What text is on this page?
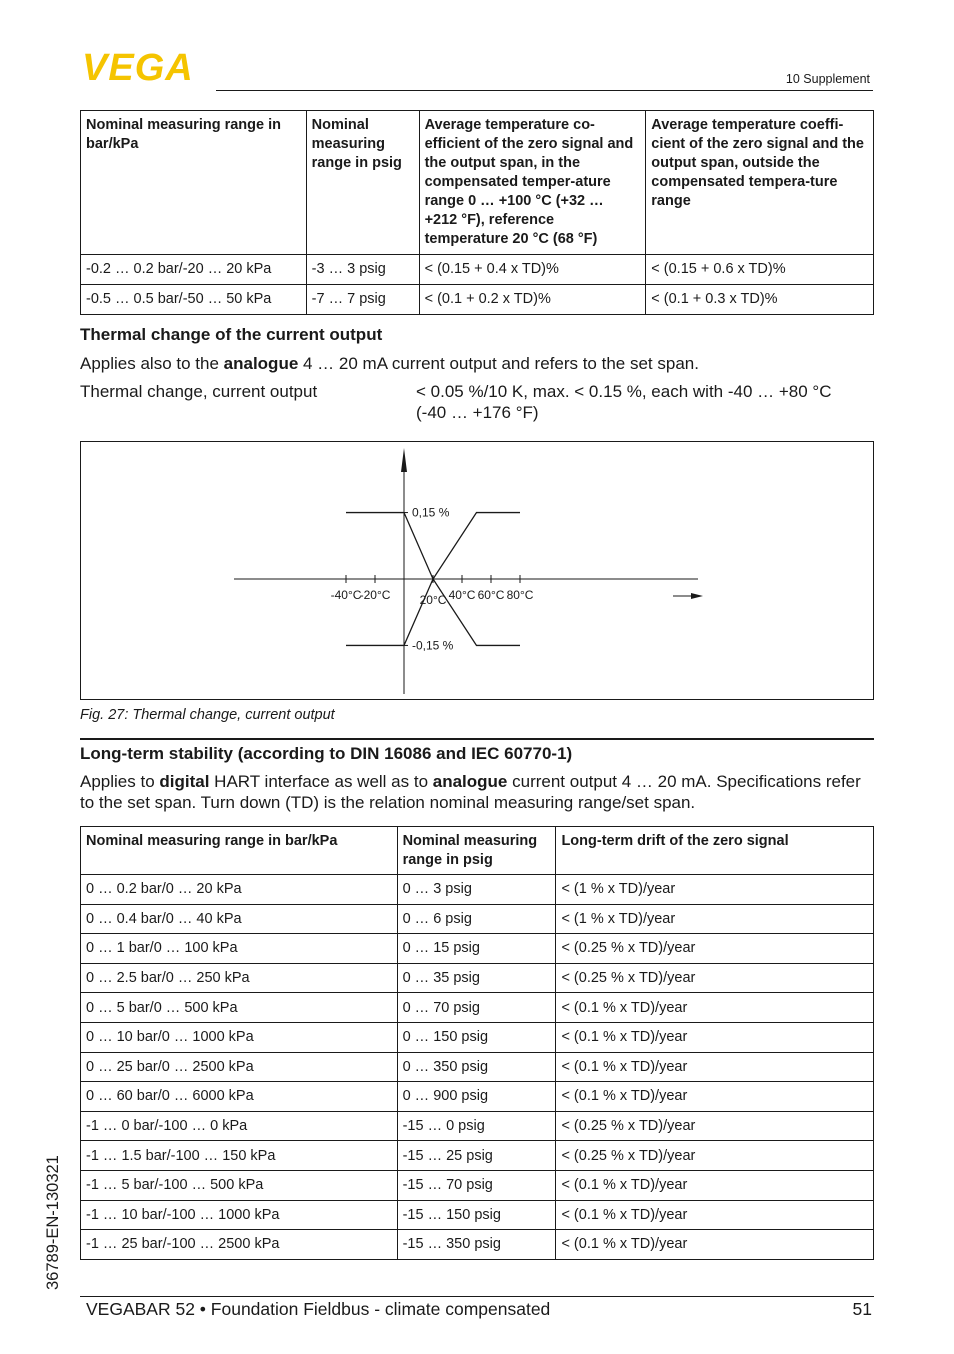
VEGA	10 Supplement
Nominal measuring range in bar/kPa	Nominal measuring range in psig	Average temperature co-efficient of the zero signal and the output span, in the compensated temper-ature range 0 … +100 °C (+32 … +212 °F), reference temperature 20 °C (68 °F)	Average temperature coeffi-cient of the zero signal and the output span, outside the compensated tempera-ture range
-0.2 … 0.2 bar/-20 … 20 kPa	-3 … 3 psig	< (0.15 + 0.4 x TD)%	< (0.15 + 0.6 x TD)%
-0.5 … 0.5 bar/-50 … 50 kPa	-7 … 7 psig	< (0.1 + 0.2 x TD)%	< (0.1 + 0.3 x TD)%
Thermal change of the current output
Applies also to the analogue 4 … 20 mA current output and refers to the set span.
Thermal change, current output	< 0.05 %/10 K, max. < 0.15 %, each with -40 … +80 °C (-40 … +176 °F)
-40°C
-20°C 20°C 40°C 60°C 80°C
0,15 %
-0,15 %
Fig. 27: Thermal change, current output
Long-term stability (according to DIN 16086 and IEC 60770-1)
Applies to digital HART interface as well as to analogue current output 4 … 20 mA. Specifications refer to the set span. Turn down (TD) is the relation nominal measuring range/set span.
Nominal measuring range in bar/kPa	Nominal measuring range in psig	Long-term drift of the zero signal
0 … 0.2 bar/0 … 20 kPa	0 … 3 psig	< (1 % x TD)/year
0 … 0.4 bar/0 … 40 kPa	0 … 6 psig	< (1 % x TD)/year
0 … 1 bar/0 … 100 kPa	0 … 15 psig	< (0.25 % x TD)/year
0 … 2.5 bar/0 … 250 kPa	0 … 35 psig	< (0.25 % x TD)/year
0 … 5 bar/0 … 500 kPa	0 … 70 psig	< (0.1 % x TD)/year
0 … 10 bar/0 … 1000 kPa	0 … 150 psig	< (0.1 % x TD)/year
0 … 25 bar/0 … 2500 kPa	0 … 350 psig	< (0.1 % x TD)/year
0 … 60 bar/0 … 6000 kPa	0 … 900 psig	< (0.1 % x TD)/year
-1 … 0 bar/-100 … 0 kPa	-15 … 0 psig	< (0.25 % x TD)/year
-1 … 1.5 bar/-100 … 150 kPa	-15 … 25 psig	< (0.25 % x TD)/year
-1 … 5 bar/-100 … 500 kPa	-15 … 70 psig	< (0.1 % x TD)/year
-1 … 10 bar/-100 … 1000 kPa	-15 … 150 psig	< (0.1 % x TD)/year
-1 … 25 bar/-100 … 2500 kPa	-15 … 350 psig	< (0.1 % x TD)/year
VEGABAR 52 • Foundation Fieldbus - climate compensated	51
36789-EN-130321
